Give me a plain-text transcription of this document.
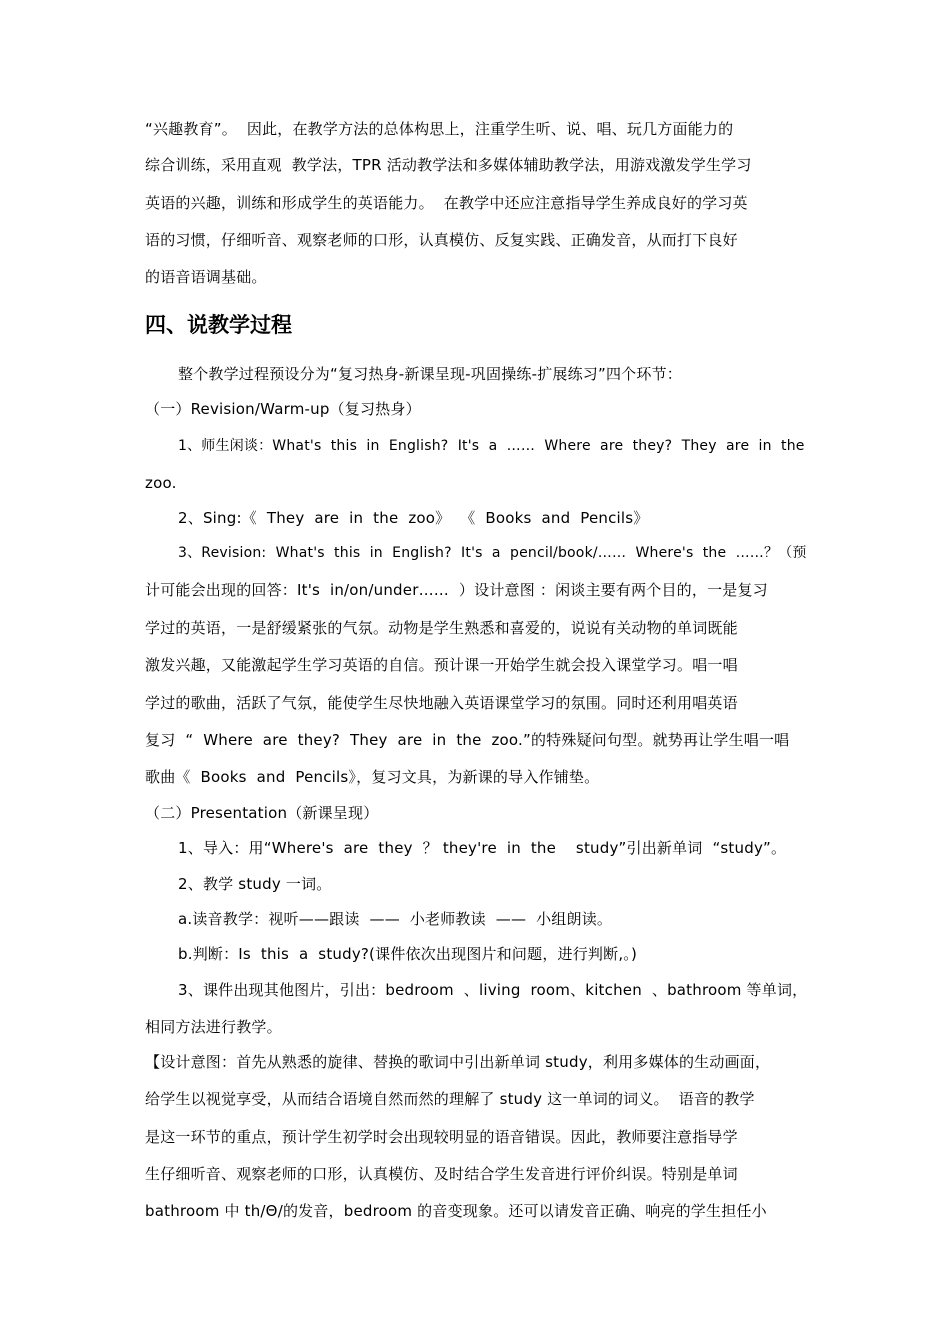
“兴趣教育”。  因此，在教学方法的总体构思上，注重学生听、说、唱、玩几方面能力的
综合训练，采用直观  教学法，TPR 活动教学法和多媒体辅助教学法，用游戏激发学生学习
英语的兴趣，训练和形成学生的英语能力。  在教学中还应注意指导学生养成良好的学习英
语的习惯，仔细听音、观察老师的口形，认真模仿、反复实践、正确发音，从而打下良好
的语音语调基础。
四、说教学过程
整个教学过程预设分为“复习热身-新课呈现-巩固操练-扩展练习”四个环节：
（一）Revision/Warm-up（复习热身）
1、师生闲谈：What's  this  in  English?  It's  a  ……  Where  are  they?  They  are  in  the
zoo.
2、Sing:《  They  are  in  the  zoo》  《  Books  and  Pencils》
3、Revision:  What's  this  in  English?  It's  a  pencil/book/……  Where's  the  ……？（预
计可能会出现的回答：It's  in/on/under……  ）设计意图 ：闲谈主要有两个目的，一是复习
学过的英语，一是舒缓紧张的气氛。动物是学生熟悉和喜爱的，说说有关动物的单词既能
激发兴趣，又能激起学生学习英语的自信。预计课一开始学生就会投入课堂学习。唱一唱
学过的歌曲，活跃了气氛，能使学生尽快地融入英语课堂学习的氛围。同时还利用唱英语
复习  “  Where  are  they?  They  are  in  the  zoo.”的特殊疑问句型。就势再让学生唱一唱
歌曲《  Books  and  Pencils》，复习文具，为新课的导入作铺垫。
（二）Presentation（新课呈现）
1、导入：用“Where's  are  they  ？ they're  in  the    study”引出新单词  “study”。
2、教学 study 一词。
a.读音教学：视听——跟读  ——  小老师教读  ——  小组朗读。
b.判断：Is  this  a  study?(课件依次出现图片和问题，进行判断,。)
3、课件出现其他图片，引出：bedroom  、living  room、kitchen  、bathroom 等单词，
相同方法进行教学。
【设计意图：首先从熟悉的旋律、替换的歌词中引出新单词 study，利用多媒体的生动画面，
给学生以视觉享受，从而结合语境自然而然的理解了 study 这一单词的词义。  语音的教学
是这一环节的重点，预计学生初学时会出现较明显的语音错误。因此，教师要注意指导学
生仔细听音、观察老师的口形，认真模仿、及时结合学生发音进行评价纠误。特别是单词
bathroom 中 th/Θ/的发音，bedroom 的音变现象。还可以请发音正确、响亮的学生担任小
